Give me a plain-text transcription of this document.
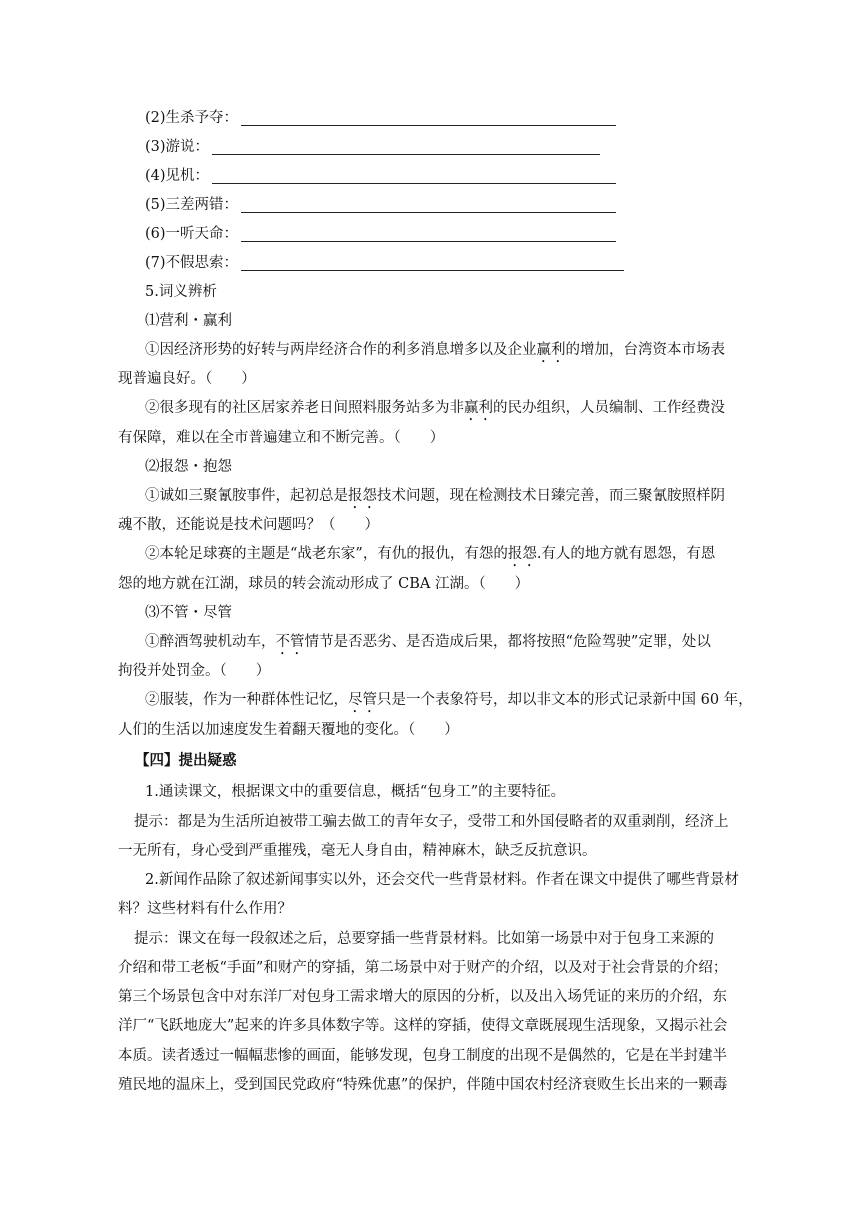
(2)生杀予夺：
(3)游说：
(4)见机：
(5)三差两错：
(6)一听天命：
(7)不假思索：
5.词义辨析
⑴营利・赢利
①因经济形势的好转与两岸经济合作的利多消息增多以及企业赢利的增加，台湾资本市场表
现普遍良好。（　　）
②很多现有的社区居家养老日间照料服务站多为非赢利的民办组织，人员编制、工作经费没
有保障，难以在全市普遍建立和不断完善。（　　）
⑵报怨・抱怨
①诚如三聚氰胺事件，起初总是报怨技术问题，现在检测技术日臻完善，而三聚氰胺照样阴
魂不散，还能说是技术问题吗？（　　）
②本轮足球赛的主题是“战老东家”，有仇的报仇，有怨的报怨.有人的地方就有恩怨，有恩
怨的地方就在江湖，球员的转会流动形成了 CBA 江湖。（　　）
⑶不管・尽管
①醉酒驾驶机动车，不管情节是否恶劣、是否造成后果，都将按照“危险驾驶”定罪，处以
拘役并处罚金。（　　）
②服装，作为一种群体性记忆，尽管只是一个表象符号，却以非文本的形式记录新中国 60 年，
人们的生活以加速度发生着翻天覆地的变化。（　　）
【四】提出疑惑
1.通读课文，根据课文中的重要信息，概括“包身工”的主要特征。
提示：都是为生活所迫被带工骗去做工的青年女子，受带工和外国侵略者的双重剥削，经济上
一无所有，身心受到严重摧残，毫无人身自由，精神麻木，缺乏反抗意识。
2.新闻作品除了叙述新闻事实以外，还会交代一些背景材料。作者在课文中提供了哪些背景材
料？这些材料有什么作用？
提示：课文在每一段叙述之后，总要穿插一些背景材料。比如第一场景中对于包身工来源的
介绍和带工老板“手面”和财产的穿插，第二场景中对于财产的介绍，以及对于社会背景的介绍；
第三个场景包含中对东洋厂对包身工需求增大的原因的分析，以及出入场凭证的来历的介绍，东
洋厂“飞跃地庞大”起来的许多具体数字等。这样的穿插，使得文章既展现生活现象，又揭示社会
本质。读者透过一幅幅悲惨的画面，能够发现，包身工制度的出现不是偶然的，它是在半封建半
殖民地的温床上，受到国民党政府“特殊优惠”的保护，伴随中国农村经济衰败生长出来的一颗毒
